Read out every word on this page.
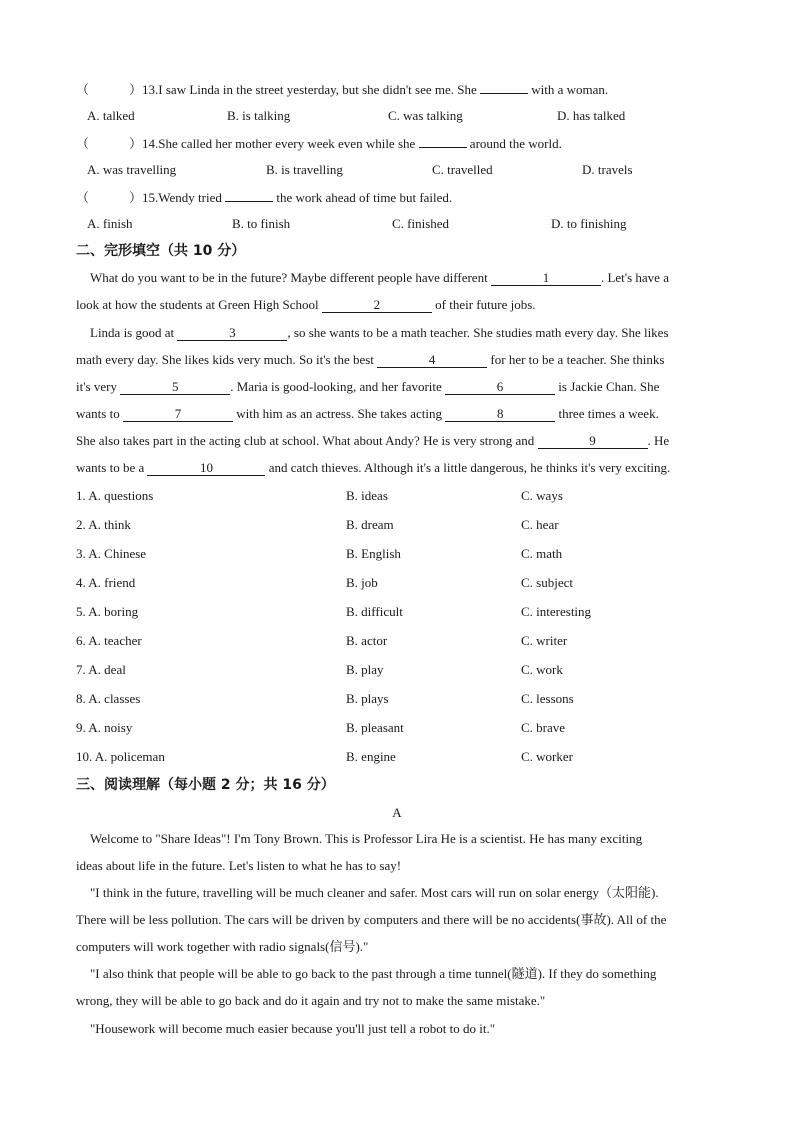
（	）13.I saw Linda in the street yesterday, but she didn't see me. She	with a woman.
A. talked	B. is talking	C. was talking	D. has talked
（	）14.She called her mother every week even while she	around the world.
A. was travelling	B. is travelling	C. travelled	D. travels
（	）15.Wendy tried	the work ahead of time but failed.
A. finish	B. to finish	C. finished	D. to finishing
二、完形填空（共 10 分）
What do you want to be in the future? Maybe different people have different	1	. Let's have a
look at how the students at Green High School	2	of their future jobs.
Linda is good at	3	, so she wants to be a math teacher. She studies math every day. She likes
math every day. She likes kids very much. So it's the best	4	for her to be a teacher. She thinks
it's very	5	. Maria is good-looking, and her favorite	6	is Jackie Chan. She
wants to	7	with him as an actress. She takes acting	8	three times a week.
She also takes part in the acting club at school. What about Andy? He is very strong and	9	. He
wants to be a	10	and catch thieves. Although it's a little dangerous, he thinks it's very exciting.
1. A. questions	B. ideas	C. ways
2. A. think	B. dream	C. hear
3. A. Chinese	B. English	C. math
4. A. friend	B. job	C. subject
5. A. boring	B. difficult	C. interesting
6. A. teacher	B. actor	C. writer
7. A. deal	B. play	C. work
8. A. classes	B. plays	C. lessons
9. A. noisy	B. pleasant	C. brave
10. A. policeman	B. engine	C. worker
三、阅读理解（每小题 2 分；共 16 分）
A
Welcome to "Share Ideas"! I'm Tony Brown. This is Professor Lira He is a scientist. He has many exciting
ideas about life in the future. Let's listen to what he has to say!
"I think in the future, travelling will be much cleaner and safer. Most cars will run on solar energy（太阳能).
There will be less pollution. The cars will be driven by computers and there will be no accidents(事故). All of the
computers will work together with radio signals(信号)."
"I also think that people will be able to go back to the past through a time tunnel(隧道). If they do something
wrong, they will be able to go back and do it again and try not to make the same mistake."
"Housework will become much easier because you'll just tell a robot to do it."
